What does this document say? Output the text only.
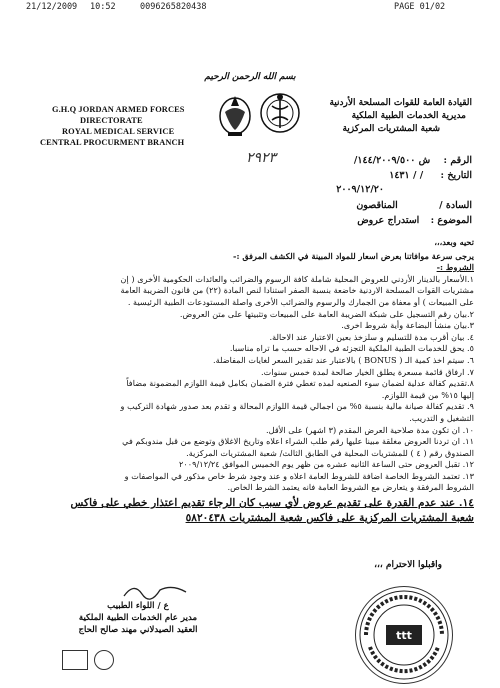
21/12/2009 10:52	0096265820438	PAGE 01/02
بسم الله الرحمن الرحيم
G.H.Q JORDAN ARMED FORCES
DIRECTORATE
ROYAL MEDICAL SERVICE
CENTRAL PROCURMENT BRANCH
القيادة العامة للقوات المسلحة الأردنية
مديرية الخدمات الطبية الملكية
شعبة المشتريات المركزية
الرقم : ش ١٤٤/٢٠٠٩/٥٠٠/
٢٩٢٣
التاريخ : / / ١٤٣١
٢٠٠٩/١٢/٢٠
السادة / المناقصون
الموضوع : استدراج عروض

تحيه وبعد،،،

يرجى سرعة موافاتنا بعرض اسعار للمواد المبينة في الكشف المرفق :-

الشروط :-

١.الأسعار بالدينار الأردني للعروض المحلية شاملة كافة الرسوم والضرائب والعائدات الحكومية الأخرى ( إن

مشتريات القوات المسلحة الاردنية خاضعة بنسبة الصفر استنادا لنص المادة (٢٢) من قانون الضريبة العامة

على المبيعات ) أو معفاة من الجمارك والرسوم والضرائب الأخرى واصلة المستودعات الطبية الرئيسية .

٢.بيان رقم التسجيل على شبكة الضريبة العامة على المبيعات وتثبيتها على متن العروض.

٣.بيان منشأ البضاعة وأية شروط اخرى.

٤. بيان أقرب مدة للتسليم و سلزخذ بعين الاعتبار عند الاحالة.

٥. يحق للخدمات الطبية الملكية التجزئه في الاحاله حسب ما تراه مناسبا.

٦. سيتم اخذ كمية الـ ( BONUS ) بالاعتبار عند تقدير السعر لغايات المفاضلة.

٧. ارفاق قائمة مسعرة يطلق الخيار صالحة لمدة خمس سنوات.

٨.تقديم كفالة عدلية لضمان سوء الصنعيه لمده تغطي فترة الضمان بكامل قيمة اللوازم المضمونة مضافاً

إليها ١٥% من قيمة اللوازم.

٩. تقديم كفالة صيانة مالية بنسبة ٥% من اجمالي قيمة اللوازم المحالة و تقدم بعد صدور شهادة التركيب و

التشغيل و التدريب.

١٠. ان تكون مدة صلاحية العرض المقدم (٣ اشهر) على الأقل.

١١. ان تردنا العروض مغلقة مبينا عليها رقم طلب الشراء اعلاه وتاريخ الاغلاق وتوضع من قبل مندوبكم في

الصندوق رقم ( ٤ ) للمشتريات المحلية في الطابق الثالث/ شعبة المشتريات المركزية.

١٢. تقبل العروض حتى الساعة الثانيه عشره من ظهر يوم الخميس الموافق ٢٠٠٩/١٢/٢٤

١٣. تعتمد الشروط الخاصة اضافة للشروط العامة اعلاه و عند وجود شرط خاص مذكور في المواصفات و

الشروط المرفقة و يتعارض مع الشروط العامة فانه يعتمد الشرط الخاص.

١٤. عند عدم القدرة على تقديم عروض لأي سبب كان الرجاء تقديم اعتذار خطي على فاكس

شعبة المشتريات المركزية على فاكس شعبة المشتريات ٥٨٢٠٤٣٨

واقبلوا الاحترام ،،،
ع / اللواء الطبيب
مدير عام الخدمات الطبية الملكية
العقيد الصيدلاني مهند صالح الحاج	ttt
